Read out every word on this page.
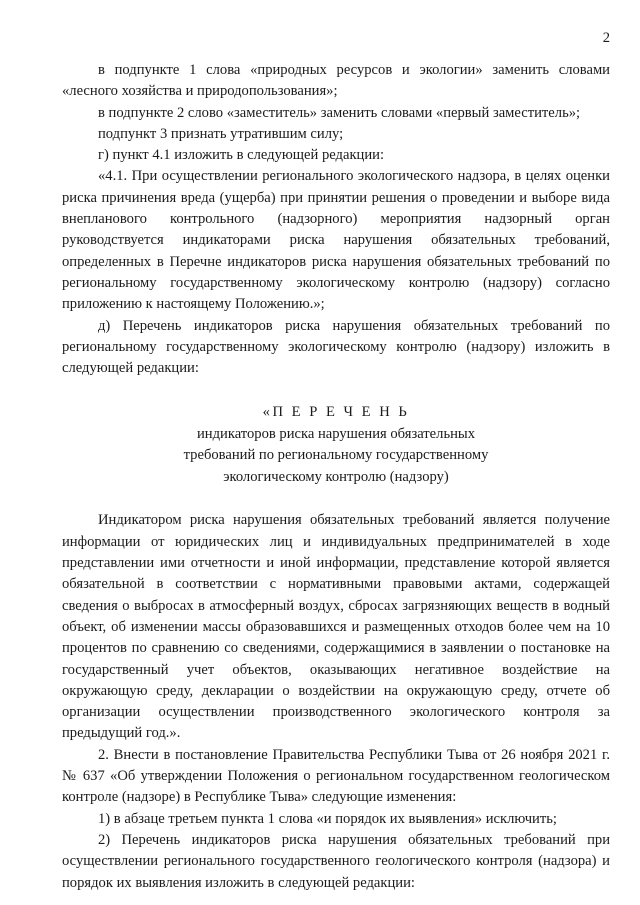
2

в подпункте 1 слова «природных ресурсов и экологии» заменить словами «лесного хозяйства и природопользования»;

в подпункте 2 слово «заместитель» заменить словами «первый заместитель»;

подпункт 3 признать утратившим силу;

г) пункт 4.1 изложить в следующей редакции:

«4.1. При осуществлении регионального экологического надзора, в целях оценки риска причинения вреда (ущерба) при принятии решения о проведении и выборе вида внепланового контрольного (надзорного) мероприятия надзорный орган руководствуется индикаторами риска нарушения обязательных требований, определенных в Перечне индикаторов риска нарушения обязательных требований по региональному государственному экологическому контролю (надзору) согласно приложению к настоящему Положению.»;

д) Перечень индикаторов риска нарушения обязательных требований по региональному государственному экологическому контролю (надзору) изложить в следующей редакции:

«П Е Р Е Ч Е Н Ь
индикаторов риска нарушения обязательных
требований по региональному государственному
экологическому контролю (надзору)

Индикатором риска нарушения обязательных требований является получение информации от юридических лиц и индивидуальных предпринимателей в ходе представлении ими отчетности и иной информации, представление которой является обязательной в соответствии с нормативными правовыми актами, содержащей сведения о выбросах в атмосферный воздух, сбросах загрязняющих веществ в водный объект, об изменении массы образовавшихся и размещенных отходов более чем на 10 процентов по сравнению со сведениями, содержащимися в заявлении о постановке на государственный учет объектов, оказывающих негативное воздействие на окружающую среду, декларации о воздействии на окружающую среду, отчете об организации осуществлении производственного экологического контроля за предыдущий год.».

2. Внести в постановление Правительства Республики Тыва от 26 ноября 2021 г. № 637 «Об утверждении Положения о региональном государственном геологическом контроле (надзоре) в Республике Тыва» следующие изменения:

1) в абзаце третьем пункта 1 слова «и порядок их выявления» исключить;

2) Перечень индикаторов риска нарушения обязательных требований при осуществлении регионального государственного геологического контроля (надзора) и порядок их выявления изложить в следующей редакции:
